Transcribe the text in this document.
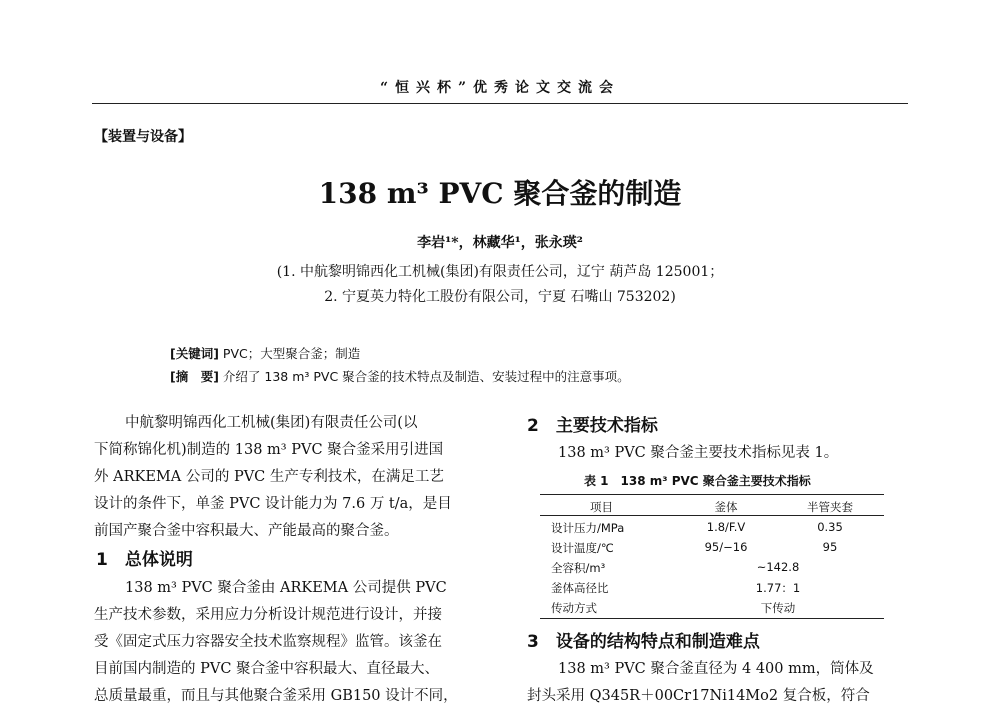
“恒兴杯”优秀论文交流会
【装置与设备】
138 m³ PVC 聚合釜的制造
李岩¹*，林藏华¹，张永瑛²
(1. 中航黎明锦西化工机械(集团)有限责任公司，辽宁 葫芦岛 125001；
2. 宁夏英力特化工股份有限公司，宁夏 石嘴山 753202)
[关键词] PVC；大型聚合釜；制造
[摘　要] 介绍了 138 m³ PVC 聚合釜的技术特点及制造、安装过程中的注意事项。
中航黎明锦西化工机械(集团)有限责任公司(以
下简称锦化机)制造的 138 m³ PVC 聚合釜采用引进国
外 ARKEMA 公司的 PVC 生产专利技术，在满足工艺
设计的条件下，单釜 PVC 设计能力为 7.6 万 t/a，是目
前国产聚合釜中容积最大、产能最高的聚合釜。
1　总体说明
138 m³ PVC 聚合釜由 ARKEMA 公司提供 PVC
生产技术参数，采用应力分析设计规范进行设计，并接
受《固定式压力容器安全技术监察规程》监管。该釜在
目前国内制造的 PVC 聚合釜中容积最大、直径最大、
总质量最重，而且与其他聚合釜采用 GB150 设计不同，
2　主要技术指标
138 m³ PVC 聚合釜主要技术指标见表 1。
表 1　138 m³ PVC 聚合釜主要技术指标
项目	釜体	半管夹套
设计压力/MPa	1.8/F.V	0.35
设计温度/℃	95/−16	95
全容积/m³	~142.8
釜体高径比	1.77：1
传动方式	下传动
3　设备的结构特点和制造难点
138 m³ PVC 聚合釜直径为 4 400 mm，筒体及
封头采用 Q345R＋00Cr17Ni14Mo2 复合板，符合
